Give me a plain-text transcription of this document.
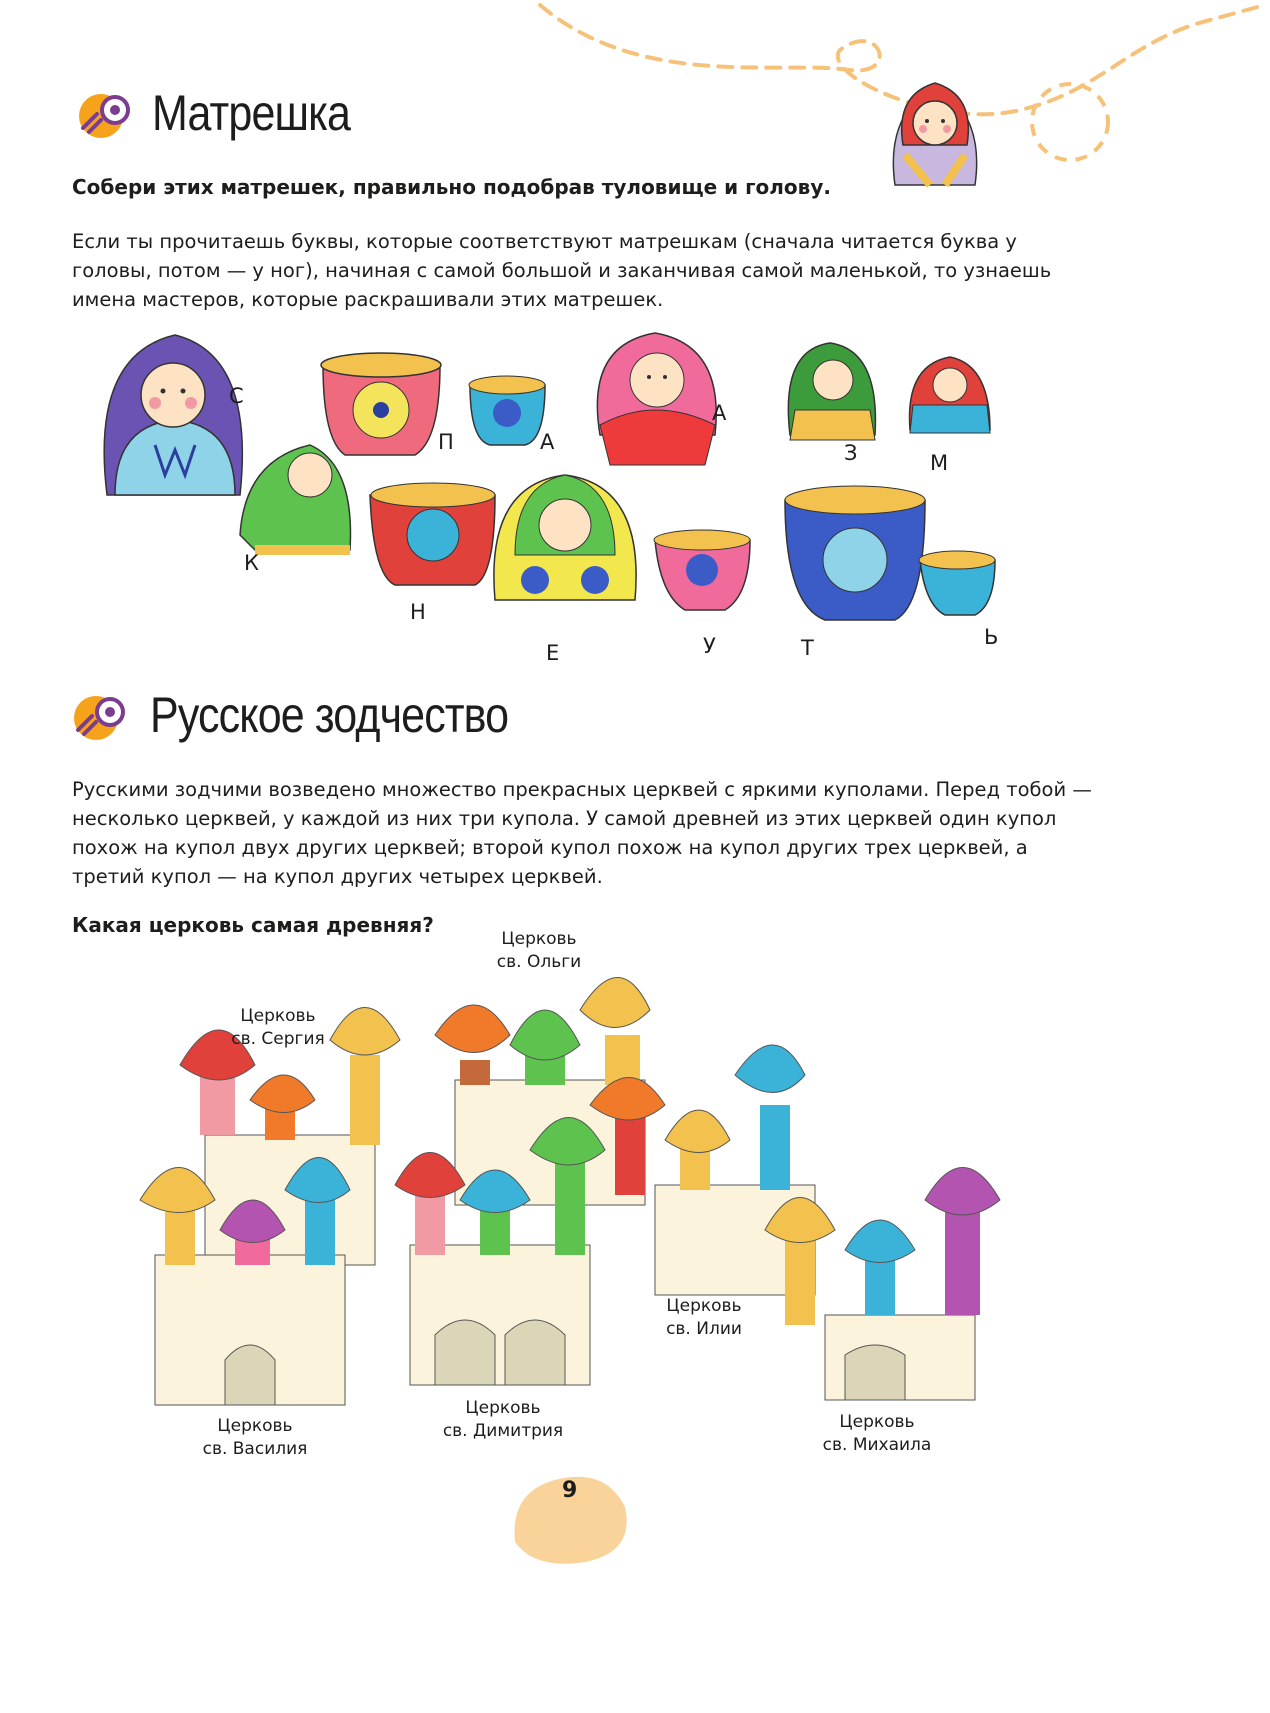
Матрешка
Собери этих матрешек, правильно подобрав туловище и голову.
Если ты прочитаешь буквы, которые соответствуют матрешкам (сначала читается буква у головы, потом — у ног), начиная с самой большой и заканчивая самой маленькой, то узнаешь имена мастеров, которые раскрашивали этих матрешек.
С
П	А
А
З	М
К
Н
Е	У	Т	Ь
Русское зодчество
Русскими зодчими возведено множество прекрасных церквей с яркими куполами. Перед тобой — несколько церквей, у каждой из них три купола. У самой древней из этих церквей один купол похож на купол двух других церквей; второй купол похож на купол других трех церквей, а третий купол — на купол других четырех церквей.
Какая церковь самая древняя?
Церковь
св. Ольги
Церковь
св. Сергия
Церковь
св. Илии
Церковь
св. Василия
Церковь
св. Димитрия	Церковь
св. Михаила
9
